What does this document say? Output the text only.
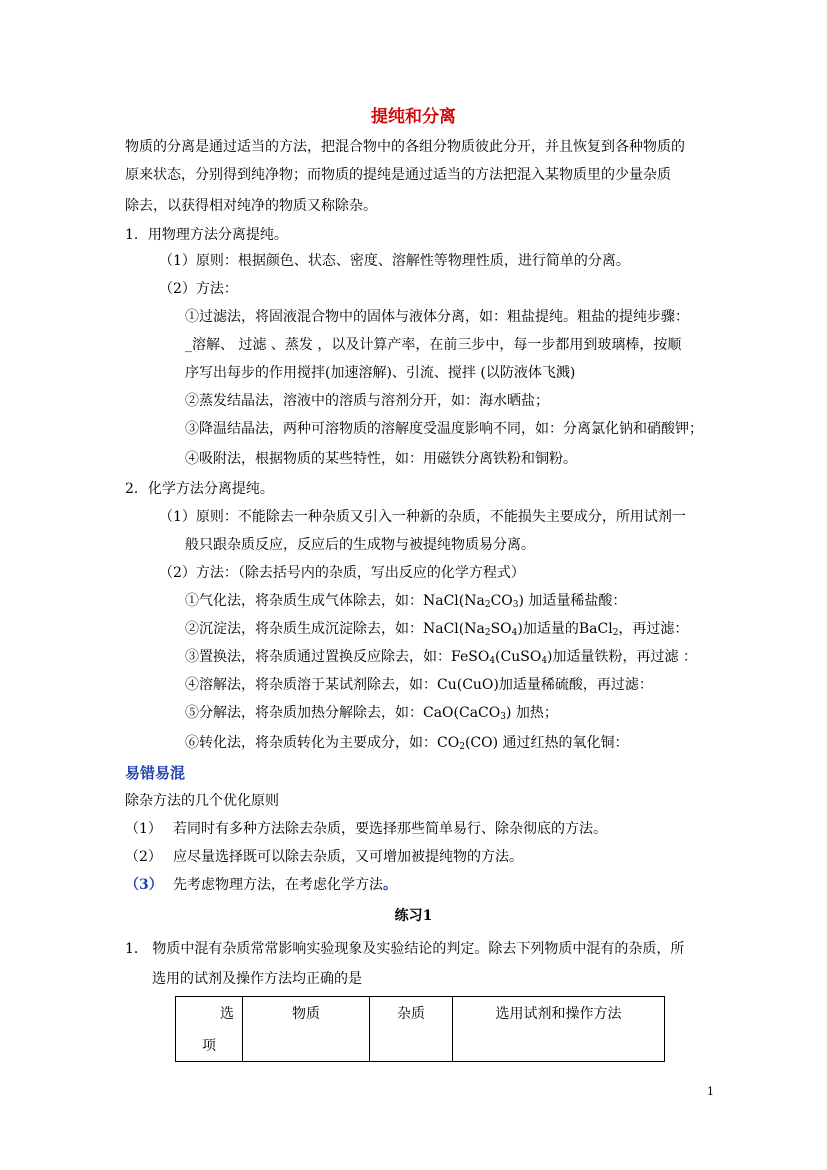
提纯和分离
物质的分离是通过适当的方法，把混合物中的各组分物质彼此分开，并且恢复到各种物质的
原来状态，分别得到纯净物；而物质的提纯是通过适当的方法把混入某物质里的少量杂质
除去，以获得相对纯净的物质又称除杂。
1．用物理方法分离提纯。
（1）原则：根据颜色、状态、密度、溶解性等物理性质，进行简单的分离。
（2）方法：
①过滤法，将固液混合物中的固体与液体分离，如：粗盐提纯。粗盐的提纯步骤：
_溶解、 过滤 、蒸发 ，以及计算产率，在前三步中，每一步都用到玻璃棒，按顺
序写出每步的作用搅拌(加速溶解)、引流、搅拌 (以防液体飞溅)
②蒸发结晶法，溶液中的溶质与溶剂分开，如：海水晒盐；
③降温结晶法，两种可溶物质的溶解度受温度影响不同，如：分离氯化钠和硝酸钾；
④吸附法，根据物质的某些特性，如：用磁铁分离铁粉和铜粉。
2．化学方法分离提纯。
（1）原则：不能除去一种杂质又引入一种新的杂质，不能损失主要成分，所用试剂一
般只跟杂质反应，反应后的生成物与被提纯物质易分离。
（2）方法：（除去括号内的杂质，写出反应的化学方程式）
①气化法，将杂质生成气体除去，如：$NaCl(Na_2CO_3)$ 加适量稀盐酸：
②沉淀法，将杂质生成沉淀除去，如：$NaCl(Na_2SO_4)$加适量的BaCl$_2$，再过滤：
③置换法，将杂质通过置换反应除去，如：FeSO$_4$(CuSO$_4$)加适量铁粉，再过滤 ：
④溶解法，将杂质溶于某试剂除去，如：Cu(CuO)加适量稀硫酸，再过滤：
⑤分解法，将杂质加热分解除去，如：CaO(CaCO$_3$) 加热；
⑥转化法，将杂质转化为主要成分，如：$CO_2(CO)$ 通过红热的氧化铜：
易错易混
除杂方法的几个优化原则
（1） 若同时有多种方法除去杂质，要选择那些简单易行、除杂彻底的方法。
（2） 应尽量选择既可以除去杂质，又可增加被提纯物的方法。
（3） 先考虑物理方法，在考虑化学方法。
练习1
1． 物质中混有杂质常常影响实验现象及实验结论的判定。除去下列物质中混有的杂质，所
选用的试剂及操作方法均正确的是
选
项
	物质	杂质	选用试剂和操作方法
1
